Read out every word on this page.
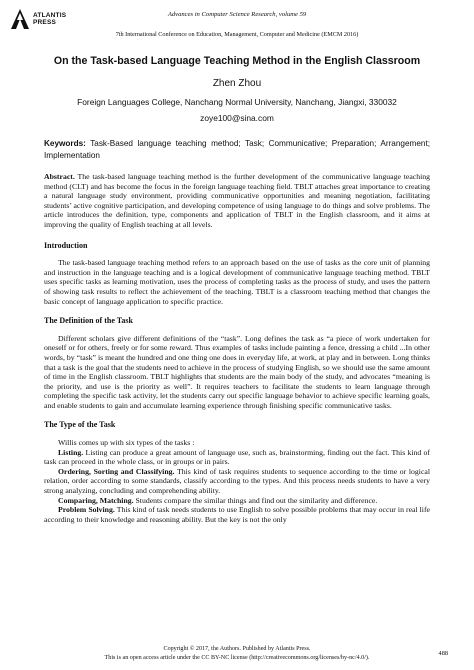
ATLANTIS
PRESS
Advances in Computer Science Research, volume 59
7th International Conference on Education, Management, Computer and Medicine (EMCM 2016)
On the Task-based Language Teaching Method in the English Classroom
Zhen Zhou
Foreign Languages College, Nanchang Normal University, Nanchang, Jiangxi, 330032
zoye100@sina.com
Keywords: Task-Based language teaching method; Task; Communicative; Preparation; Arrangement; Implementation

Abstract. The task-based language teaching method is the further development of the communicative language teaching method (CLT) and has become the focus in the foreign language teaching field. TBLT attaches great importance to creating a natural language study environment, providing communicative opportunities and meaning negotiation, facilitating students’ active cognitive participation, and developing competence of using language to do things and solve problems. The article introduces the definition, type, components and application of TBLT in the English classroom, and it aims at improving the quality of English teaching at all levels.

Introduction

The task-based language teaching method refers to an approach based on the use of tasks as the core unit of planning and instruction in the language teaching and is a logical development of communicative language teaching method. TBLT uses specific tasks as learning motivation, uses the process of completing tasks as the process of study, and uses the pattern of showing task results to reflect the achievement of the teaching. TBLT is a classroom teaching method that changes the basic concept of language application to specific practice.

The Definition of the Task

Different scholars give different definitions of the “task”. Long defines the task as “a piece of work undertaken for oneself or for others, freely or for some reward. Thus examples of tasks include painting a fence, dressing a child ...In other words, by “task” is meant the hundred and one thing one does in everyday life, at work, at play and in between. Long thinks that a task is the goal that the students need to achieve in the process of studying English, so we should use the same amount of time in the English classroom. TBLT highlights that students are the main body of the study, and advocates “meaning is the priority, and use is the priority as well”. It requires teachers to facilitate the students to learn language through completing the specific task activity, let the students carry out specific language behavior to achieve specific learning goals, and enable students to gain and accumulate learning experience through finishing specific communicative tasks.

The Type of the Task

Willis comes up with six types of the tasks :

Listing. Listing can produce a great amount of language use, such as, brainstorming, finding out the fact. This kind of task can proceed in the whole class, or in groups or in pairs.

Ordering, Sorting and Classifying. This kind of task requires students to sequence according to the time or logical relation, order according to some standards, classify according to the types. And this process needs students to have a very strong analyzing, concluding and comprehending ability.

Comparing, Matching. Students compare the similar things and find out the similarity and difference.

Problem Solving. This kind of task needs students to use English to solve possible problems that may occur in real life according to their knowledge and reasoning ability. But the key is not the only

Copyright © 2017, the Authors. Published by Atlantis Press.
This is an open access article under the CC BY-NC license (http://creativecommons.org/licenses/by-nc/4.0/).
488
